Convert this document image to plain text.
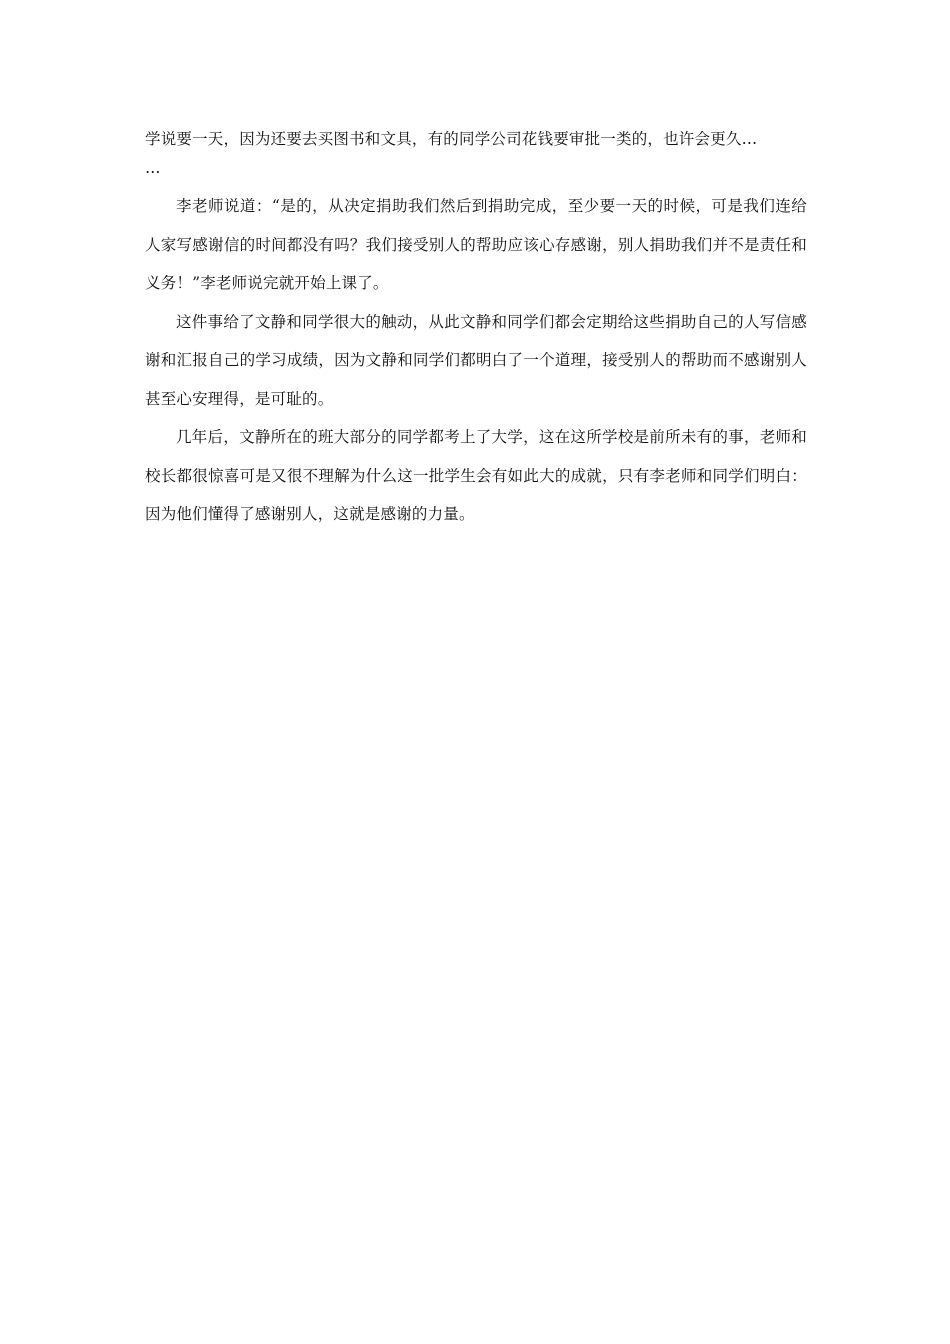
学说要一天，因为还要去买图书和文具，有的同学公司花钱要审批一类的，也许会更久…
…

李老师说道：“是的，从决定捐助我们然后到捐助完成，至少要一天的时候，可是我们连给人家写感谢信的时间都没有吗？我们接受别人的帮助应该心存感谢，别人捐助我们并不是责任和义务！”李老师说完就开始上课了。

这件事给了文静和同学很大的触动，从此文静和同学们都会定期给这些捐助自己的人写信感谢和汇报自己的学习成绩，因为文静和同学们都明白了一个道理，接受别人的帮助而不感谢别人甚至心安理得，是可耻的。

几年后，文静所在的班大部分的同学都考上了大学，这在这所学校是前所未有的事，老师和校长都很惊喜可是又很不理解为什么这一批学生会有如此大的成就，只有李老师和同学们明白：因为他们懂得了感谢别人，这就是感谢的力量。
